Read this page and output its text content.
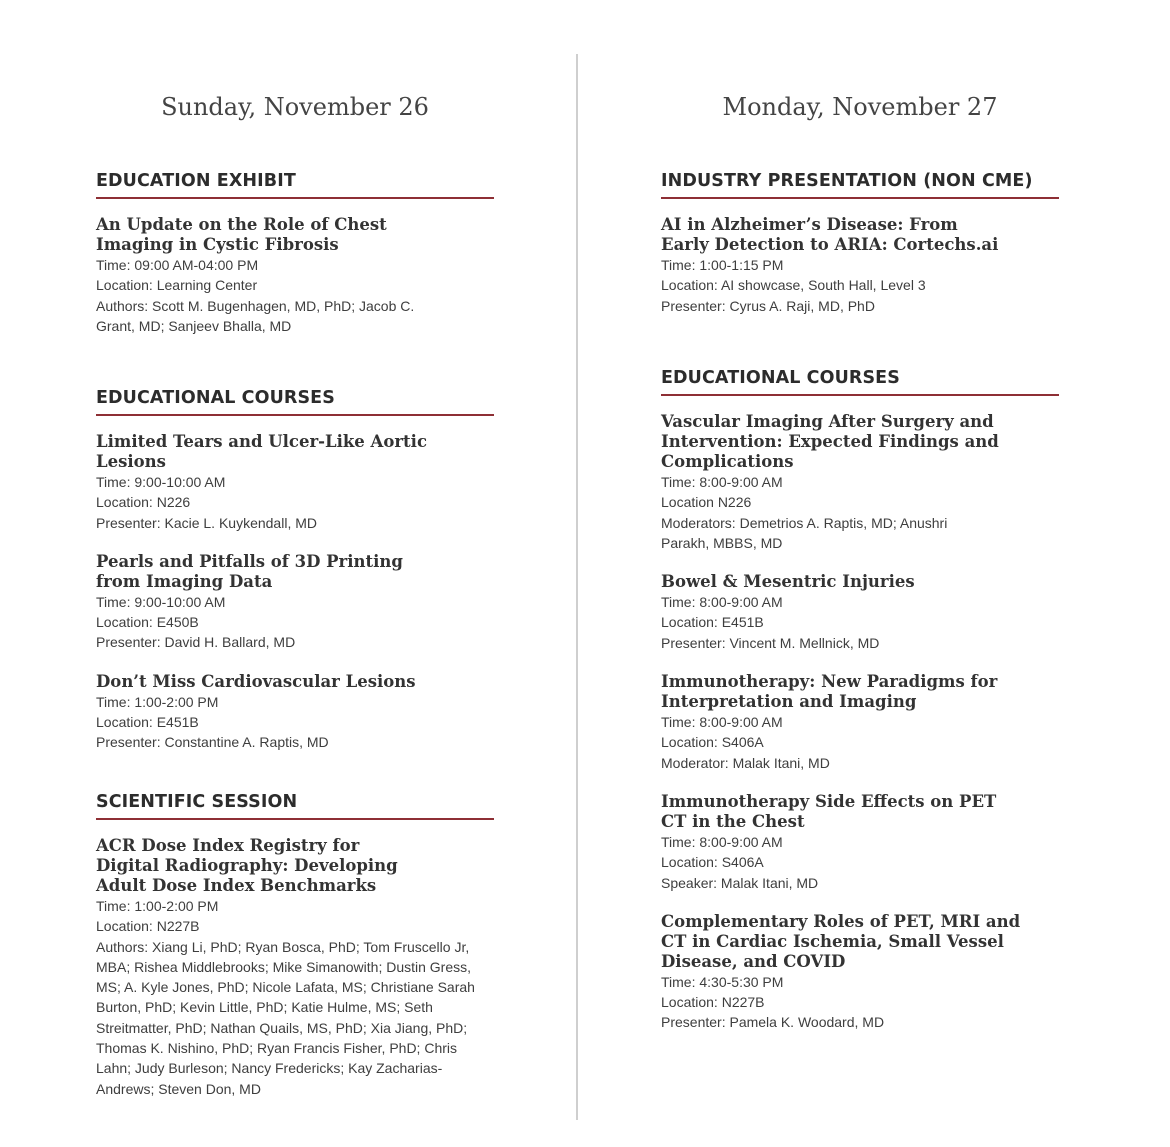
Sunday, November 26
EDUCATION EXHIBIT

An Update on the Role of Chest Imaging in Cystic Fibrosis

Time: 09:00 AM-04:00 PM

Location: Learning Center

Authors: Scott M. Bugenhagen, MD, PhD; Jacob C. Grant, MD; Sanjeev Bhalla, MD

EDUCATIONAL COURSES

Limited Tears and Ulcer-Like Aortic Lesions

Time: 9:00-10:00 AM

Location: N226

Presenter: Kacie L. Kuykendall, MD

Pearls and Pitfalls of 3D Printing from Imaging Data

Time: 9:00-10:00 AM

Location: E450B

Presenter: David H. Ballard, MD

Don’t Miss Cardiovascular Lesions

Time: 1:00-2:00 PM

Location: E451B

Presenter: Constantine A. Raptis, MD

SCIENTIFIC SESSION

ACR Dose Index Registry for Digital Radiography: Developing Adult Dose Index Benchmarks

Time: 1:00-2:00 PM

Location: N227B

Authors: Xiang Li, PhD; Ryan Bosca, PhD; Tom Fruscello Jr, MBA; Rishea Middlebrooks; Mike Simanowith; Dustin Gress, MS; A. Kyle Jones, PhD; Nicole Lafata, MS; Christiane Sarah Burton, PhD; Kevin Little, PhD; Katie Hulme, MS; Seth Streitmatter, PhD; Nathan Quails, MS, PhD; Xia Jiang, PhD; Thomas K. Nishino, PhD; Ryan Francis Fisher, PhD; Chris Lahn; Judy Burleson; Nancy Fredericks; Kay Zacharias-Andrews; Steven Don, MD

Monday, November 27
INDUSTRY PRESENTATION (NON CME)

AI in Alzheimer’s Disease: From Early Detection to ARIA: Cortechs.ai

Time: 1:00-1:15 PM

Location: AI showcase, South Hall, Level 3

Presenter: Cyrus A. Raji, MD, PhD

EDUCATIONAL COURSES

Vascular Imaging After Surgery and Intervention: Expected Findings and Complications

Time: 8:00-9:00 AM

Location N226

Moderators: Demetrios A. Raptis, MD; Anushri Parakh, MBBS, MD

Bowel & Mesentric Injuries

Time: 8:00-9:00 AM

Location: E451B

Presenter: Vincent M. Mellnick, MD

Immunotherapy: New Paradigms for Interpretation and Imaging

Time: 8:00-9:00 AM

Location: S406A

Moderator: Malak Itani, MD

Immunotherapy Side Effects on PET CT in the Chest

Time: 8:00-9:00 AM

Location: S406A

Speaker: Malak Itani, MD

Complementary Roles of PET, MRI and CT in Cardiac Ischemia, Small Vessel Disease, and COVID

Time: 4:30-5:30 PM

Location: N227B

Presenter: Pamela K. Woodard, MD
